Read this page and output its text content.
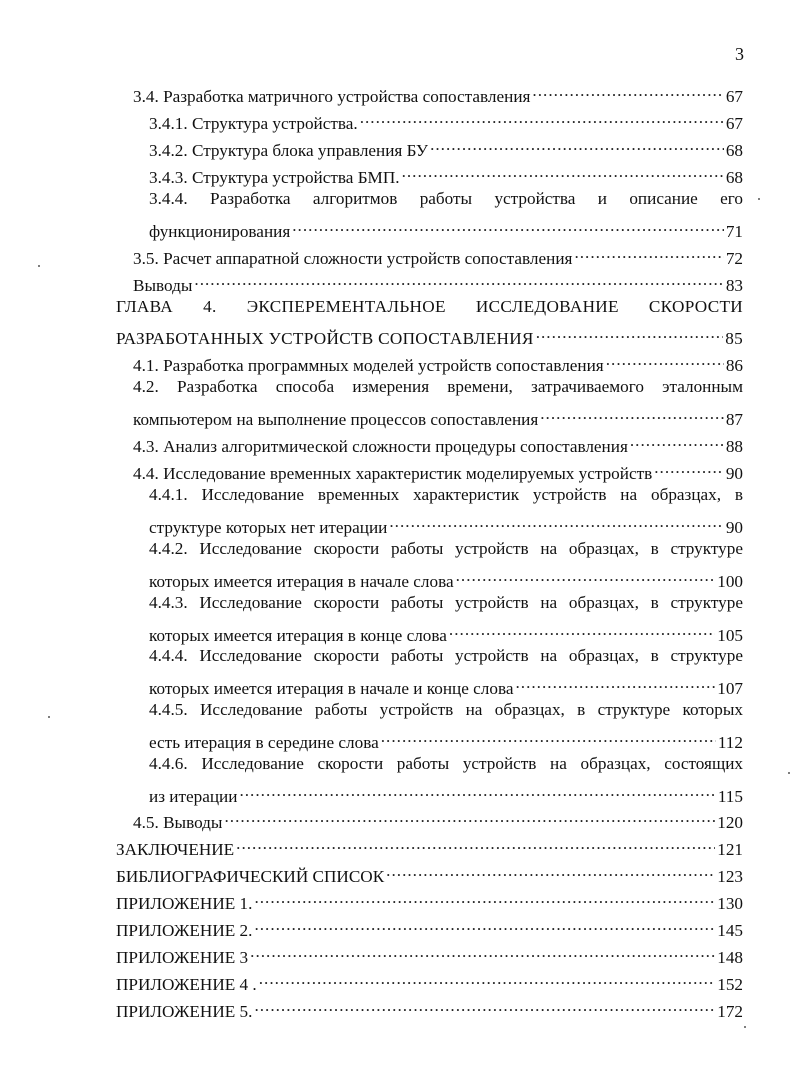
3
3.4. Разработка матричного устройства сопоставления .....	67
3.4.1. Структура устройства. .....	67
3.4.2. Структура блока управления БУ .....	68
3.4.3. Структура устройства БМП. .....	68
3.4.4. Разработка алгоритмов работы устройства и описание его
функционирования .....	71
3.5. Расчет аппаратной сложности устройств сопоставления .....	72
Выводы .....	83
ГЛАВА 4. ЭКСПЕРЕМЕНТАЛЬНОЕ ИССЛЕДОВАНИЕ СКОРОСТИ
РАЗРАБОТАННЫХ УСТРОЙСТВ СОПОСТАВЛЕНИЯ .....	85
4.1. Разработка программных моделей устройств сопоставления .....	86
4.2. Разработка способа измерения времени, затрачиваемого эталонным
компьютером на выполнение процессов сопоставления .....	87
4.3. Анализ алгоритмической сложности процедуры сопоставления .....	88
4.4. Исследование временных характеристик моделируемых устройств .....	90
4.4.1. Исследование временных характеристик устройств на образцах, в
структуре которых нет итерации .....	90
4.4.2. Исследование скорости работы устройств на образцах, в структуре
которых имеется итерация в начале слова .....	100
4.4.3. Исследование скорости работы устройств на образцах, в структуре
которых имеется итерация в конце слова .....	105
4.4.4. Исследование скорости работы устройств на образцах, в структуре
которых имеется итерация в начале и конце слова .....	107
4.4.5. Исследование работы устройств на образцах, в структуре которых
есть итерация в середине слова .....	112
4.4.6. Исследование скорости работы устройств на образцах, состоящих
из итерации .....	115
4.5. Выводы .....	120
ЗАКЛЮЧЕНИЕ .....	121
БИБЛИОГРАФИЧЕСКИЙ СПИСОК .....	123
ПРИЛОЖЕНИЕ 1. .....	130
ПРИЛОЖЕНИЕ 2. .....	145
ПРИЛОЖЕНИЕ 3 .....	148
ПРИЛОЖЕНИЕ 4 . .....	152
ПРИЛОЖЕНИЕ 5. .....	172
